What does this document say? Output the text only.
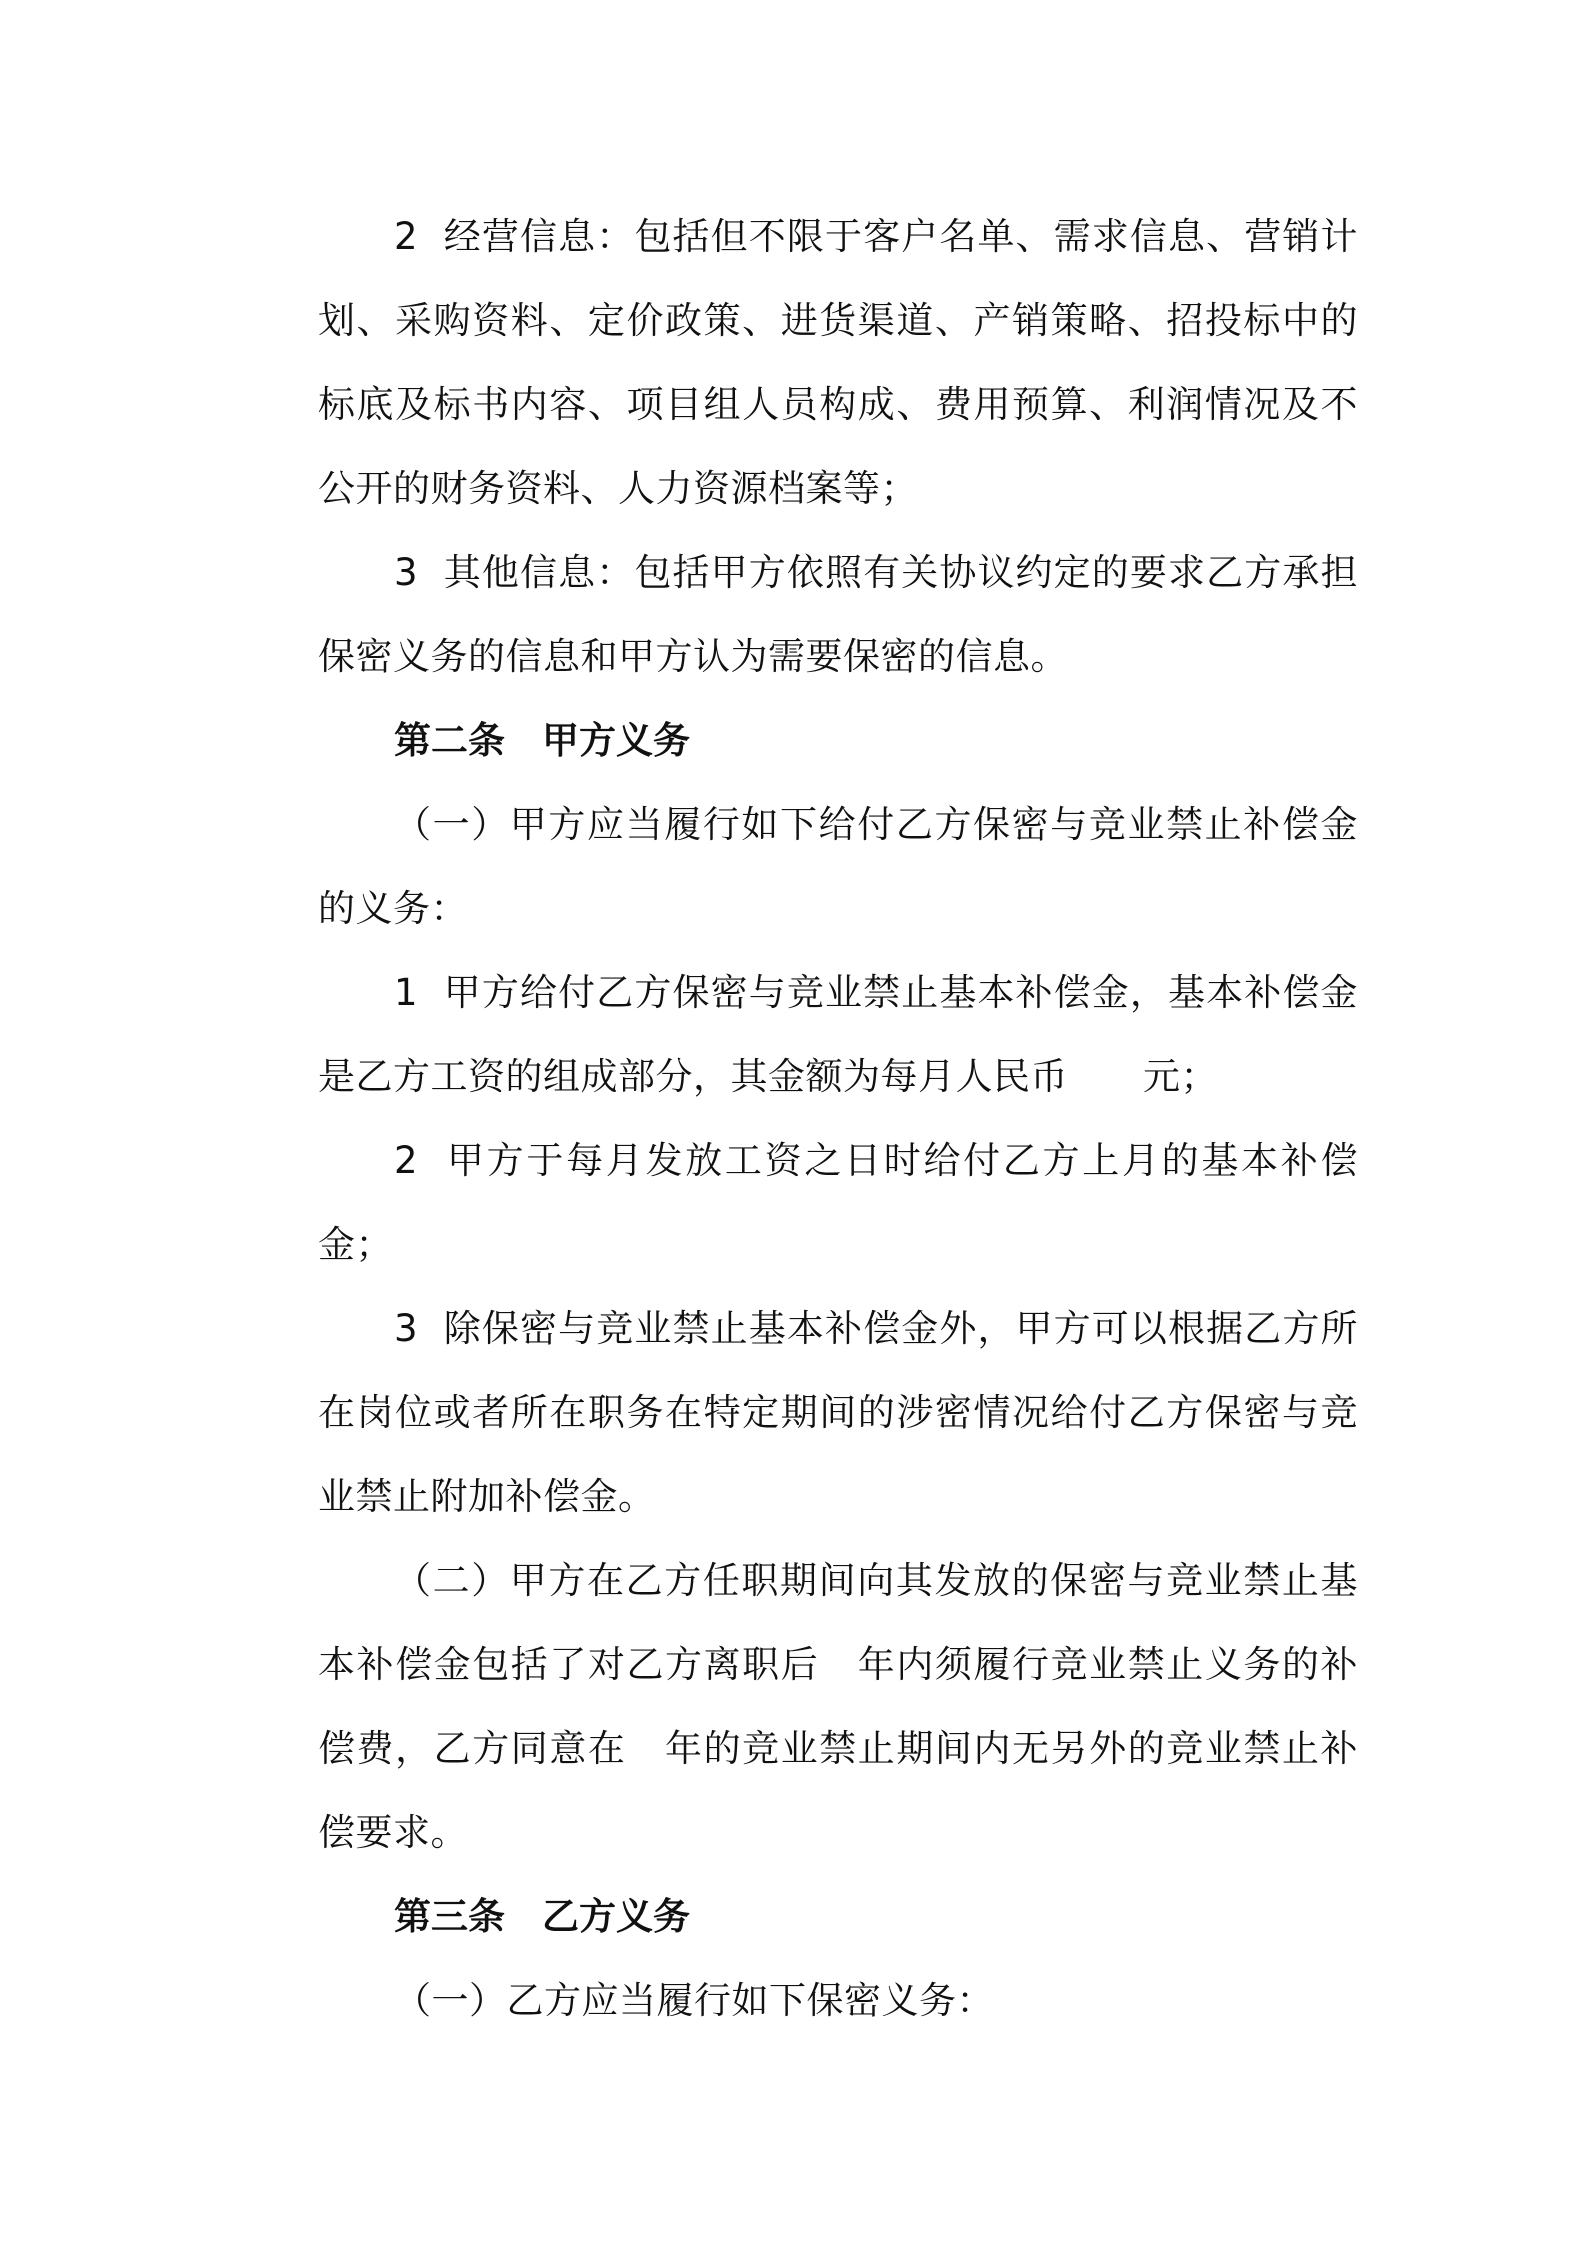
2  经营信息：包括但不限于客户名单、需求信息、营销计划、采购资料、定价政策、进货渠道、产销策略、招投标中的标底及标书内容、项目组人员构成、费用预算、利润情况及不公开的财务资料、人力资源档案等；

3  其他信息：包括甲方依照有关协议约定的要求乙方承担保密义务的信息和甲方认为需要保密的信息。

第二条　甲方义务

（一）甲方应当履行如下给付乙方保密与竞业禁止补偿金的义务：

1  甲方给付乙方保密与竞业禁止基本补偿金，基本补偿金是乙方工资的组成部分，其金额为每月人民币　　元；

2  甲方于每月发放工资之日时给付乙方上月的基本补偿金；

3  除保密与竞业禁止基本补偿金外，甲方可以根据乙方所在岗位或者所在职务在特定期间的涉密情况给付乙方保密与竞业禁止附加补偿金。

（二）甲方在乙方任职期间向其发放的保密与竞业禁止基本补偿金包括了对乙方离职后　年内须履行竞业禁止义务的补偿费，乙方同意在　年的竞业禁止期间内无另外的竞业禁止补偿要求。

第三条　乙方义务

（一）乙方应当履行如下保密义务：
